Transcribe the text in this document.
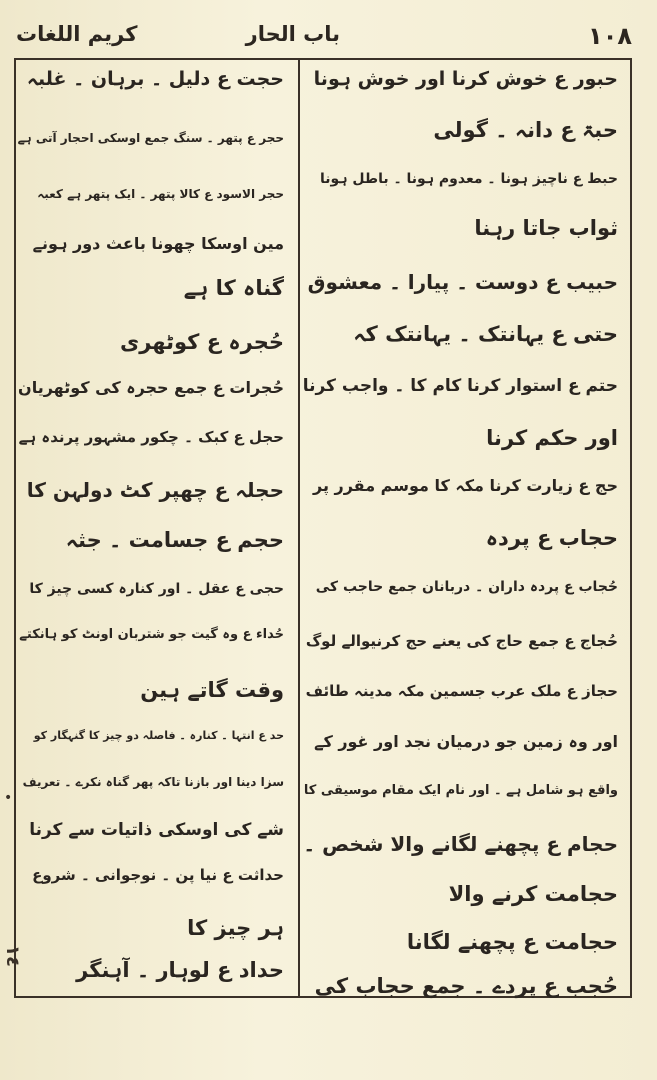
١٠٨
باب الحار
کریم اللغات
حبور ع خوش کرنا اور خوش ہونا
حبۃ ع دانہ ۔ گولی
حبط ع ناچیز ہونا ۔ معدوم ہونا ۔ باطل ہونا
ثواب جاتا رہنا
حبیب ع دوست ۔ پیارا ۔ معشوق
حتی ع یہانتک ۔ یہانتک کہ
حتم ع استوار کرنا کام کا ۔ واجب کرنا
اور حکم کرنا
حج ع زیارت کرنا مکہ کا موسم مقرر پر
حجاب ع پردہ
حُجاب ع پردہ داران ۔ دربانان جمع حاجب کی
حُجاج ع جمع حاج کی یعنے حج کرنیوالے لوگ
حجاز ع ملک عرب جسمین مکہ مدینہ طائف
اور وہ زمین جو درمیان نجد اور غور کے
واقع ہو شامل ہے ۔ اور نام ایک مقام موسیقی کا
حجام ع پچھنے لگانے والا شخص ۔
حجامت کرنے والا
حجامت ع پچھنے لگانا
حُجب ع پردے ۔ جمع حجاب کی
حجت ع دلیل ۔ برہان ۔ غلبہ
حجر ع پتھر ۔ سنگ جمع اوسکی احجار آتی ہے
حجر الاسود ع کالا پتھر ۔ ایک پتھر ہے کعبہ
مین اوسکا چھونا باعث دور ہونے
گناہ کا ہے
حُجرہ ع کوٹھری
حُجرات ع جمع حجرہ کی کوٹھریان
حجل ع کبک ۔ چکور مشہور پرندہ ہے
حجلہ ع چھپر کٹ دولہن کا
حجم ع جسامت ۔ جثہ
حجی ع عقل ۔ اور کنارہ کسی چیز کا
حُداء ع وہ گیت جو شتربان اونٹ کو ہانکتے
وقت گاتے ہین
حد ع انتہا ۔ کنارہ ۔ فاصلہ دو چیز کا گنہگار کو
سزا دینا اور بازنا تاکہ پھر گناہ نکرے ۔ تعریف
شے کی اوسکی ذاتیات سے کرنا
حداثت ع نیا پن ۔ نوجوانی ۔ شروع
ہر چیز کا
حداد ع لوہار ۔ آہنگر
•
١٤
